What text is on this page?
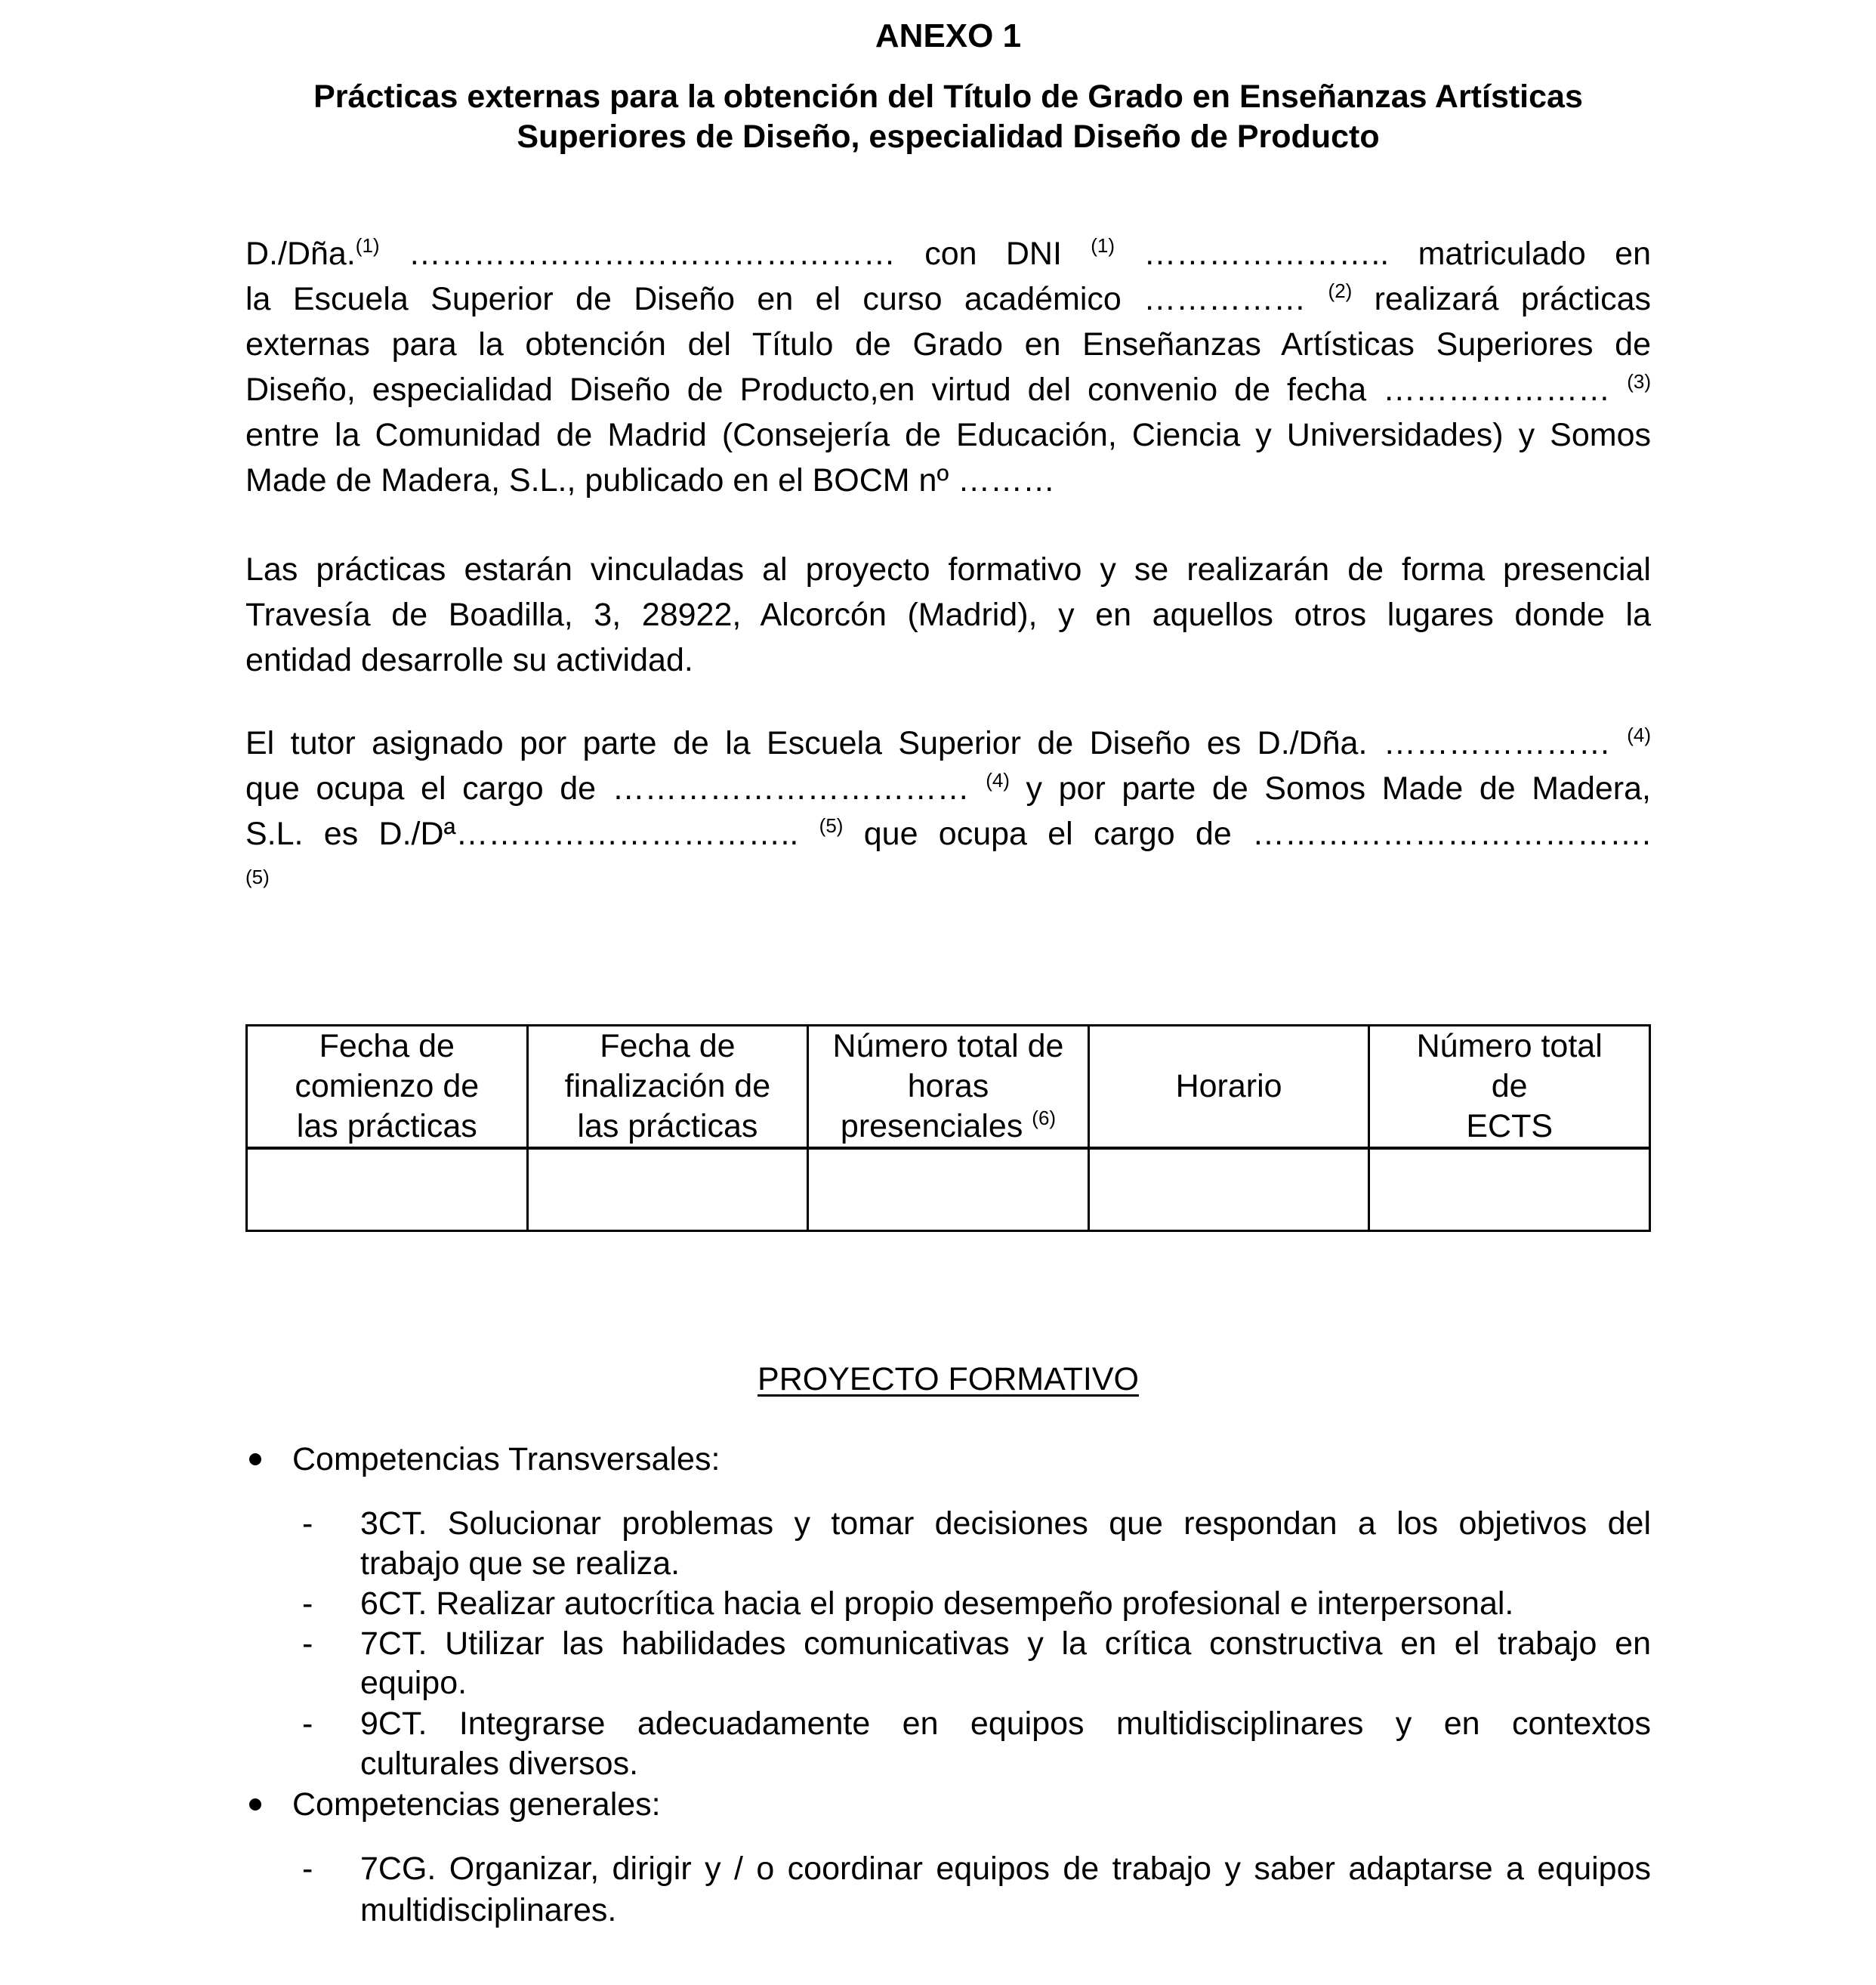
ANEXO 1
Prácticas externas para la obtención del Título de Grado en Enseñanzas Artísticas
Superiores de Diseño, especialidad Diseño de Producto
D./Dña.$^{(1)}$ ……………………………………… con DNI $^{(1)}$ ………………….. matriculado en
la Escuela Superior de Diseño en el curso académico …………… $^{(2)}$ realizará prácticas
externas para la obtención del Título de Grado en Enseñanzas Artísticas Superiores de
Diseño, especialidad Diseño de Producto,en virtud del convenio de fecha ………………… $^{(3)}$
entre la Comunidad de Madrid (Consejería de Educación, Ciencia y Universidades) y Somos
Made de Madera, S.L., publicado en el BOCM nº ………
Las prácticas estarán vinculadas al proyecto formativo y se realizarán de forma presencial
Travesía de Boadilla, 3, 28922, Alcorcón (Madrid), y en aquellos otros lugares donde la
entidad desarrolle su actividad.
El tutor asignado por parte de la Escuela Superior de Diseño es D./Dña. ………………… $^{(4)}$
que ocupa el cargo de …………………………… $^{(4)}$ y por parte de Somos Made de Madera,
S.L. es D./Dª………………………….. $^{(5)}$ que ocupa el cargo de ……………………………….
(5)
Fecha de
comienzo de
las prácticas	Fecha de
finalización de
las prácticas	Número total de
horas
presenciales $^{(6)}$	Horario	Número total
de
ECTS

PROYECTO FORMATIVO
Competencias Transversales:
- 3CT. Solucionar problemas y tomar decisiones que respondan a los objetivos del
trabajo que se realiza.
- 6CT. Realizar autocrítica hacia el propio desempeño profesional e interpersonal.
- 7CT. Utilizar las habilidades comunicativas y la crítica constructiva en el trabajo en
equipo.
- 9CT. Integrarse adecuadamente en equipos multidisciplinares y en contextos
culturales diversos.
Competencias generales:
- 7CG. Organizar, dirigir y / o coordinar equipos de trabajo y saber adaptarse a equipos
multidisciplinares.
